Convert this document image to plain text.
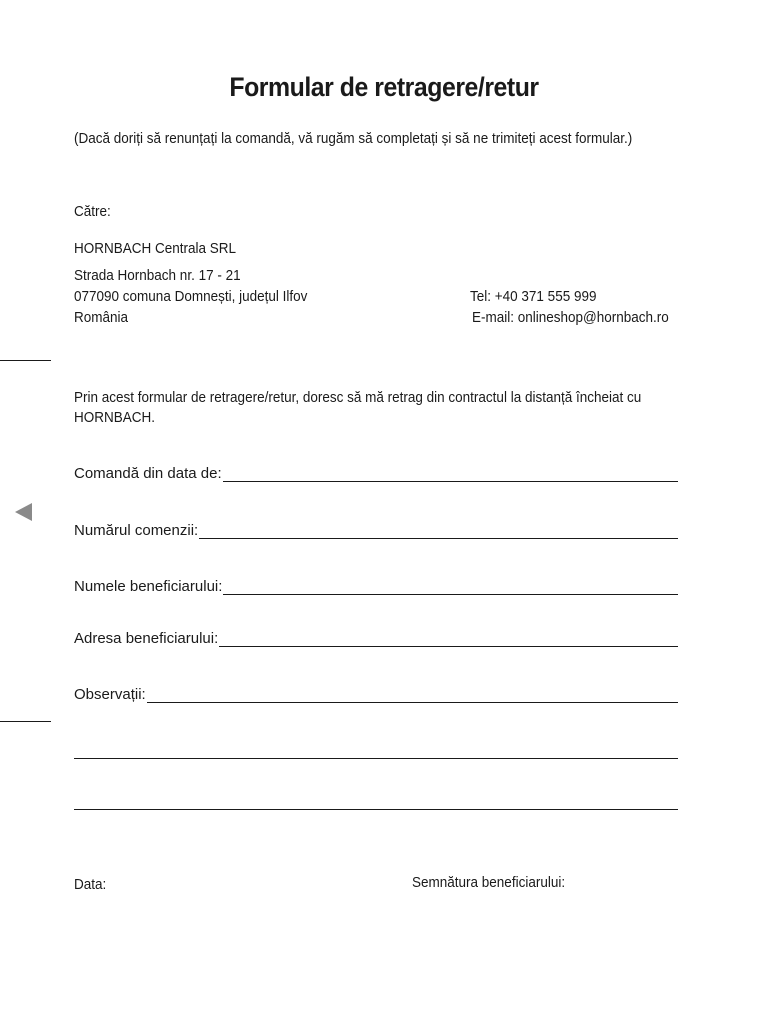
Formular de retragere/retur
(Dacă doriți să renunțați la comandă, vă rugăm să completați și să ne trimiteți acest formular.)
Către:
HORNBACH Centrala SRL
Strada Hornbach nr. 17 - 21
077090 comuna Domnești, județul Ilfov
România
Tel: +40 371 555 999
E-mail: onlineshop@hornbach.ro
Prin acest formular de retragere/retur, doresc să mă retrag din contractul la distanță încheiat cu HORNBACH.
Comandă din data de:
Numărul comenzii:
Numele beneficiarului:
Adresa beneficiarului:
Observații:
Data:	Semnătura beneficiarului:
